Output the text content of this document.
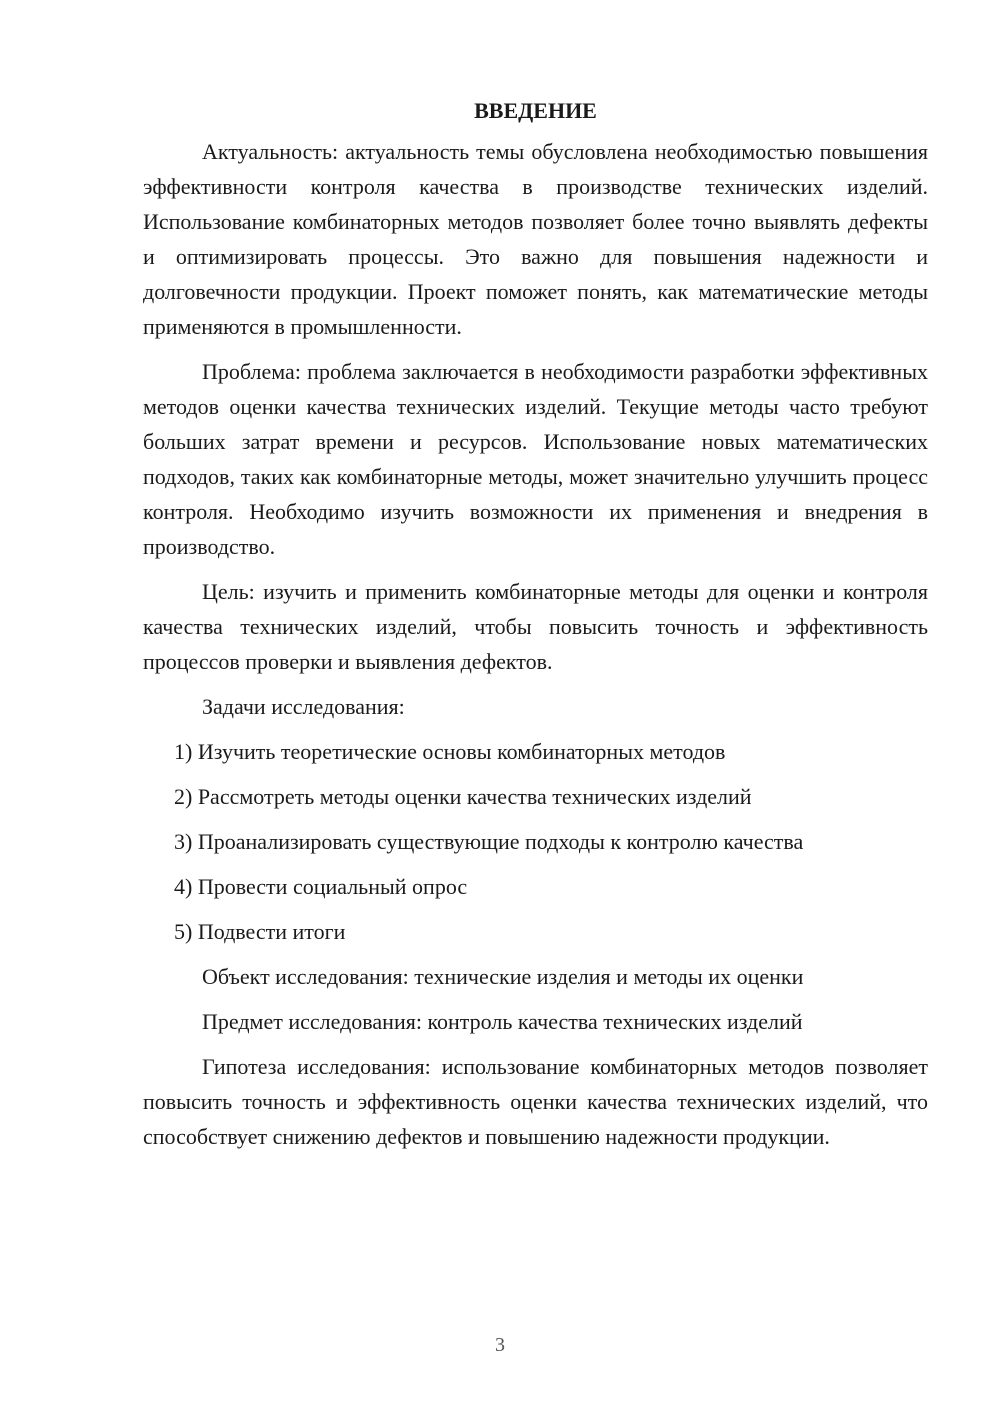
ВВЕДЕНИЕ

Актуальность: актуальность темы обусловлена необходимостью повышения эффективности контроля качества в производстве технических изделий. Использование комбинаторных методов позволяет более точно выявлять дефекты и оптимизировать процессы. Это важно для повышения надежности и долговечности продукции. Проект поможет понять, как математические методы применяются в промышленности.

Проблема: проблема заключается в необходимости разработки эффективных методов оценки качества технических изделий. Текущие методы часто требуют больших затрат времени и ресурсов. Использование новых математических подходов, таких как комбинаторные методы, может значительно улучшить процесс контроля. Необходимо изучить возможности их применения и внедрения в производство.

Цель: изучить и применить комбинаторные методы для оценки и контроля качества технических изделий, чтобы повысить точность и эффективность процессов проверки и выявления дефектов.

Задачи исследования:

1) Изучить теоретические основы комбинаторных методов
2) Рассмотреть методы оценки качества технических изделий
3) Проанализировать существующие подходы к контролю качества
4) Провести социальный опрос
5) Подвести итоги

Объект исследования: технические изделия и методы их оценки

Предмет исследования: контроль качества технических изделий

Гипотеза исследования: использование комбинаторных методов позволяет повысить точность и эффективность оценки качества технических изделий, что способствует снижению дефектов и повышению надежности продукции.

3
